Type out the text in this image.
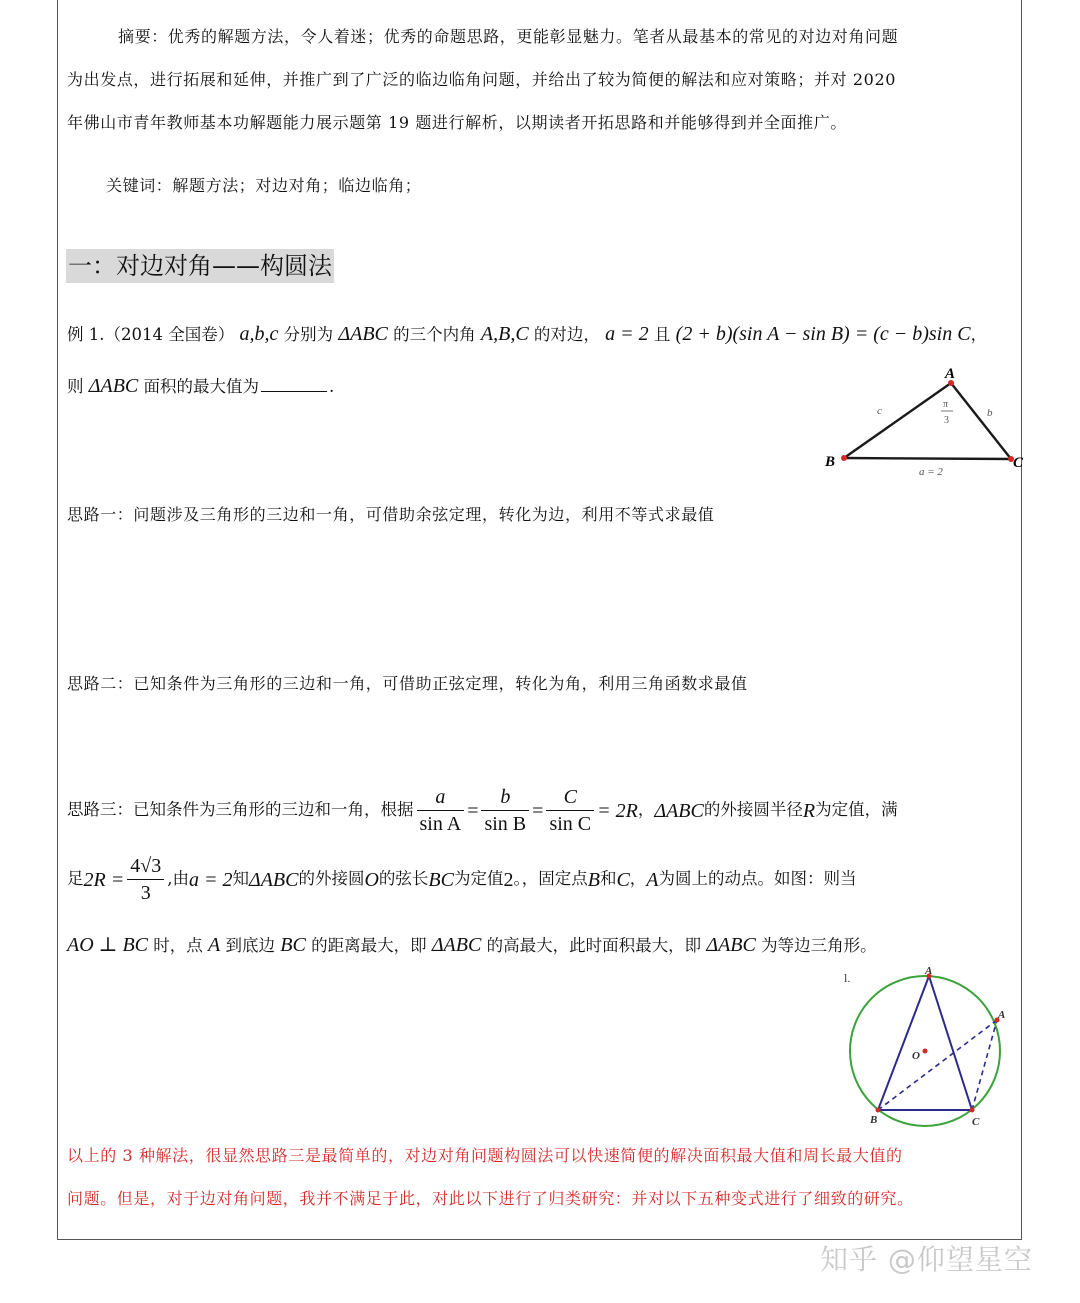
摘要：优秀的解题方法，令人着迷；优秀的命题思路，更能彰显魅力。笔者从最基本的常见的对边对角问题
为出发点，进行拓展和延伸，并推广到了广泛的临边临角问题，并给出了较为简便的解法和应对策略；并对 2020
年佛山市青年教师基本功解题能力展示题第 19 题进行解析，以期读者开拓思路和并能够得到并全面推广。
关键词：解题方法；对边对角；临边临角；
一：对边对角——构圆法
例 1.（2014 全国卷） a,b,c 分别为 ΔABC 的三个内角 A,B,C 的对边， a = 2 且 (2 + b)(sin A − sin B) = (c − b)sin C，
则 ΔABC 面积的最大值为	.
A
B	C
c	b
a = 2
π
3
思路一：问题涉及三角形的三边和一角，可借助余弦定理，转化为边，利用不等式求最值
思路二：已知条件为三角形的三边和一角，可借助正弦定理，转化为角，利用三角函数求最值
思路三：已知条件为三角形的三边和一角，根据 $\frac{a}{\text{sin A}} = \frac{b}{\text{sin B}} = \frac{C}{\text{sin C}} = 2R$ ， ΔABC 的外接圆半径 R 为定值，满
足 $2R = \frac{4√3}{3}$ ,由 a = 2 知 ΔABC 的外接圆 O 的弦长 BC 为定值 2 。，固定点 B 和 C ， A 为圆上的动点。如图：则当
AO ⊥ BC 时，点 A 到底边 BC 的距离最大，即 ΔABC 的高最大，此时面积最大，即 ΔABC 为等边三角形。
l.	A
A
B	C
O
以上的 3 种解法，很显然思路三是最简单的，对边对角问题构圆法可以快速简便的解决面积最大值和周长最大值的
问题。但是，对于边对角问题，我并不满足于此，对此以下进行了归类研究：并对以下五种变式进行了细致的研究。
知乎 @仰望星空
